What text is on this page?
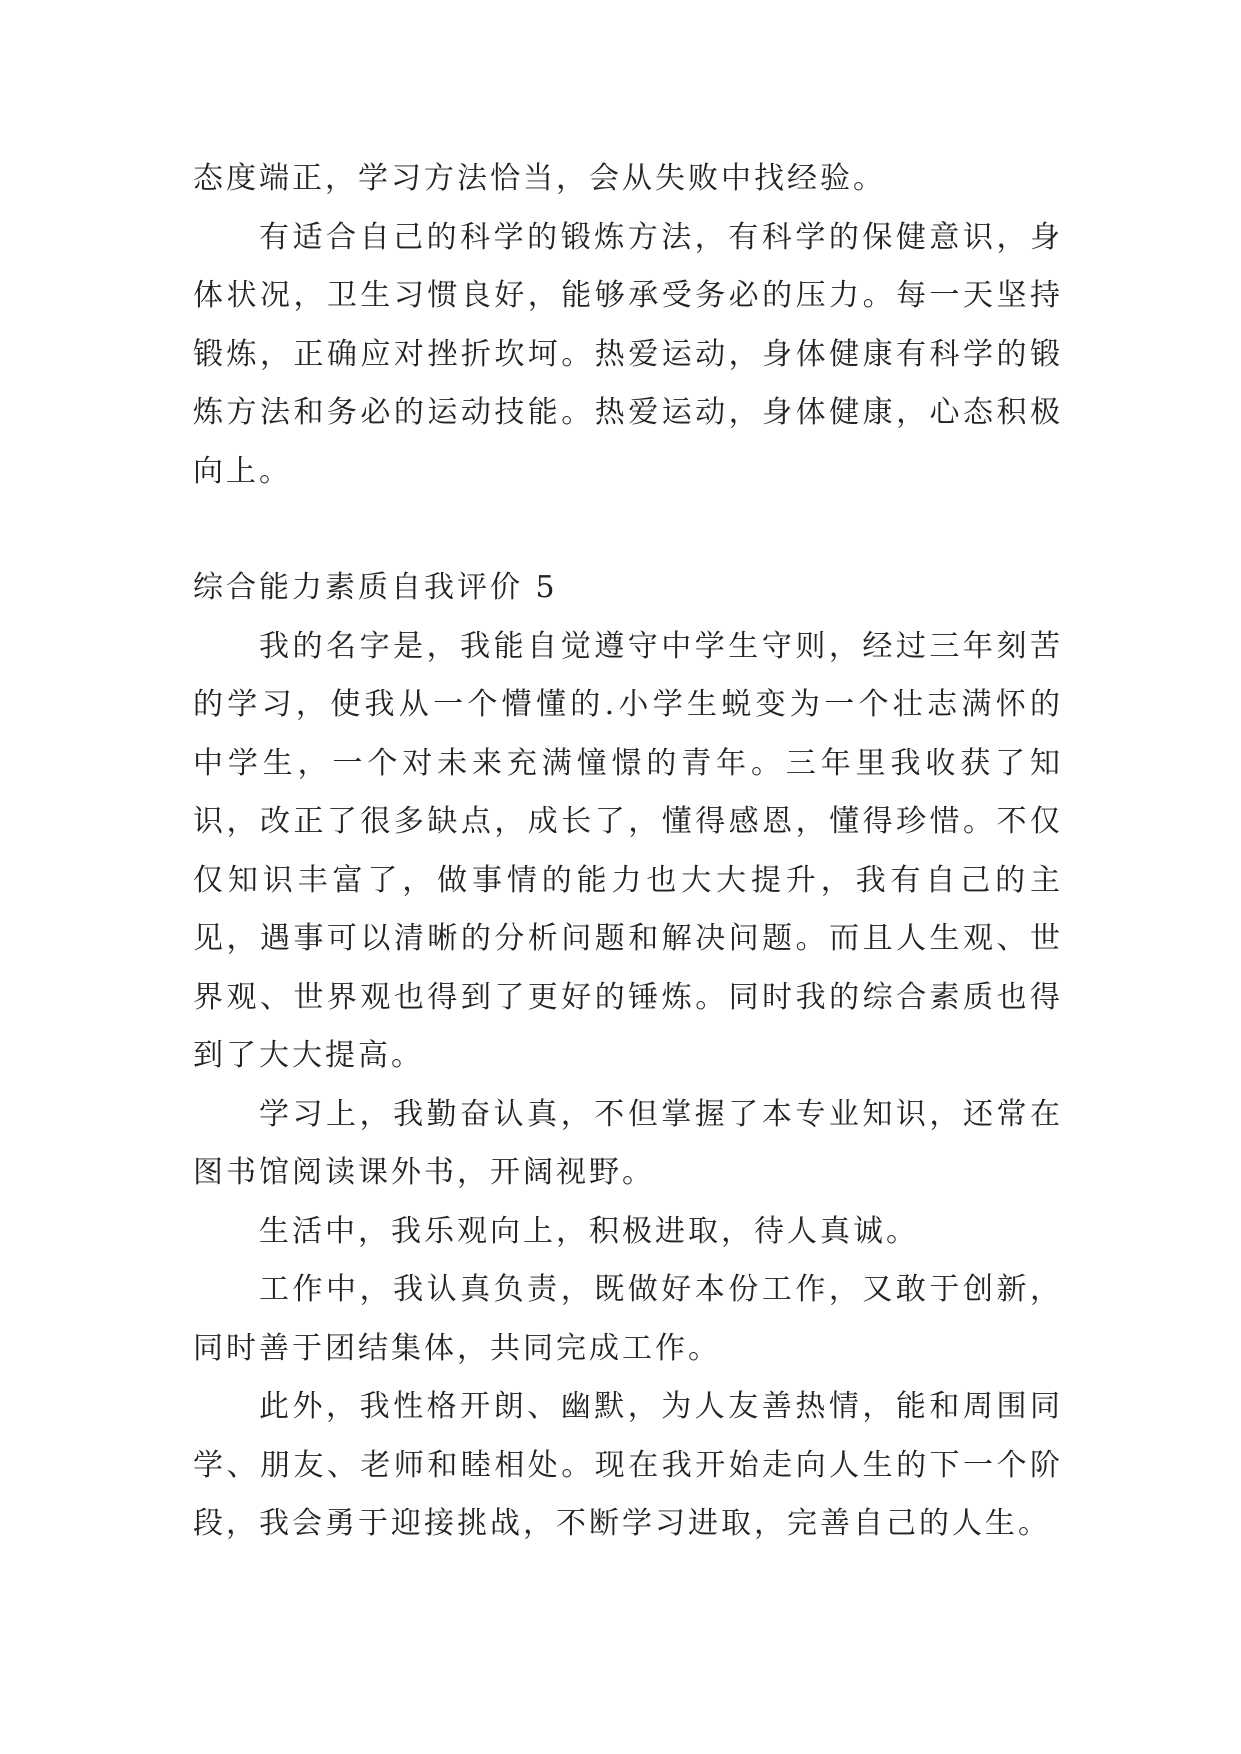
态度端正，学习方法恰当，会从失败中找经验。

有适合自己的科学的锻炼方法，有科学的保健意识，身体状况，卫生习惯良好，能够承受务必的压力。每一天坚持锻炼，正确应对挫折坎坷。热爱运动，身体健康有科学的锻炼方法和务必的运动技能。热爱运动，身体健康，心态积极向上。

综合能力素质自我评价 5

我的名字是，我能自觉遵守中学生守则，经过三年刻苦的学习，使我从一个懵懂的.小学生蜕变为一个壮志满怀的中学生，一个对未来充满憧憬的青年。三年里我收获了知识，改正了很多缺点，成长了，懂得感恩，懂得珍惜。不仅仅知识丰富了，做事情的能力也大大提升，我有自己的主见，遇事可以清晰的分析问题和解决问题。而且人生观、世界观、世界观也得到了更好的锤炼。同时我的综合素质也得到了大大提高。

学习上，我勤奋认真，不但掌握了本专业知识，还常在图书馆阅读课外书，开阔视野。

生活中，我乐观向上，积极进取，待人真诚。

工作中，我认真负责，既做好本份工作，又敢于创新，同时善于团结集体，共同完成工作。

此外，我性格开朗、幽默，为人友善热情，能和周围同学、朋友、老师和睦相处。现在我开始走向人生的下一个阶段，我会勇于迎接挑战，不断学习进取，完善自己的人生。
